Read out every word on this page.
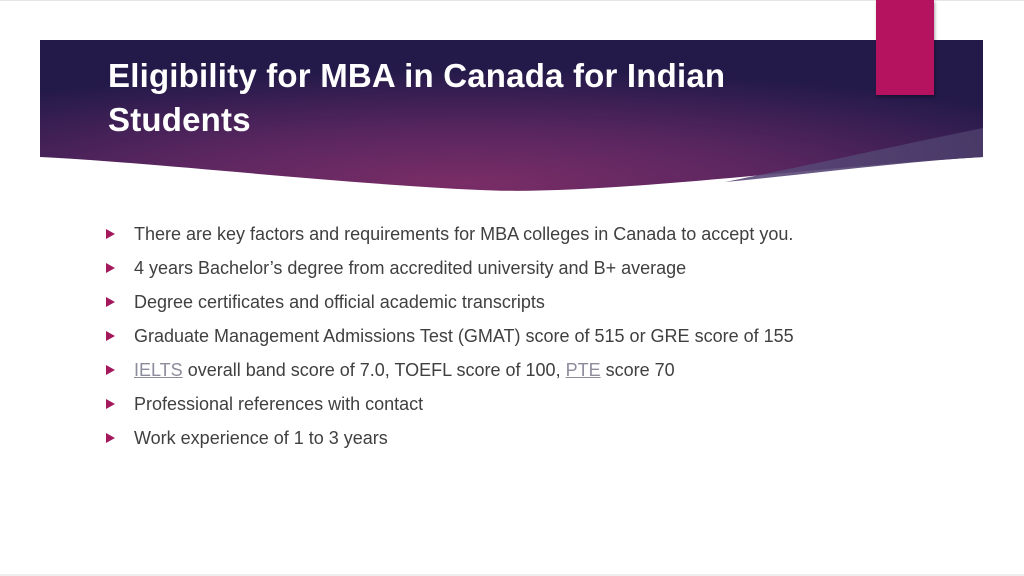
Eligibility for MBA in Canada for Indian Students
There are key factors and requirements for MBA colleges in Canada to accept you.
4 years Bachelor’s degree from accredited university and B+ average
Degree certificates and official academic transcripts
Graduate Management Admissions Test (GMAT) score of 515 or GRE score of 155
IELTS overall band score of 7.0, TOEFL score of 100, PTE score 70
Professional references with contact
Work experience of 1 to 3 years
